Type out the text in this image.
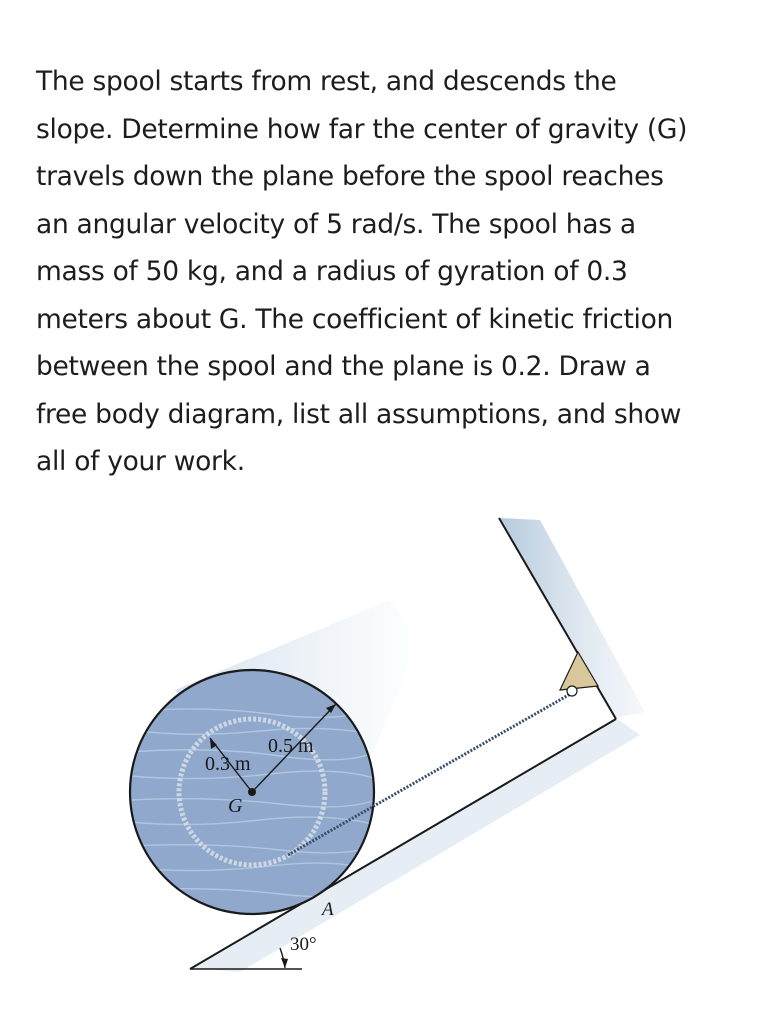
The spool starts from rest, and descends the
slope. Determine how far the center of gravity (G)
travels down the plane before the spool reaches
an angular velocity of 5 rad/s. The spool has a
mass of 50 kg, and a radius of gyration of 0.3
meters about G. The coefficient of kinetic friction
between the spool and the plane is 0.2. Draw a
free body diagram, list all assumptions, and show
all of your work.
0.5 m
0.3 m
G
A
30°
